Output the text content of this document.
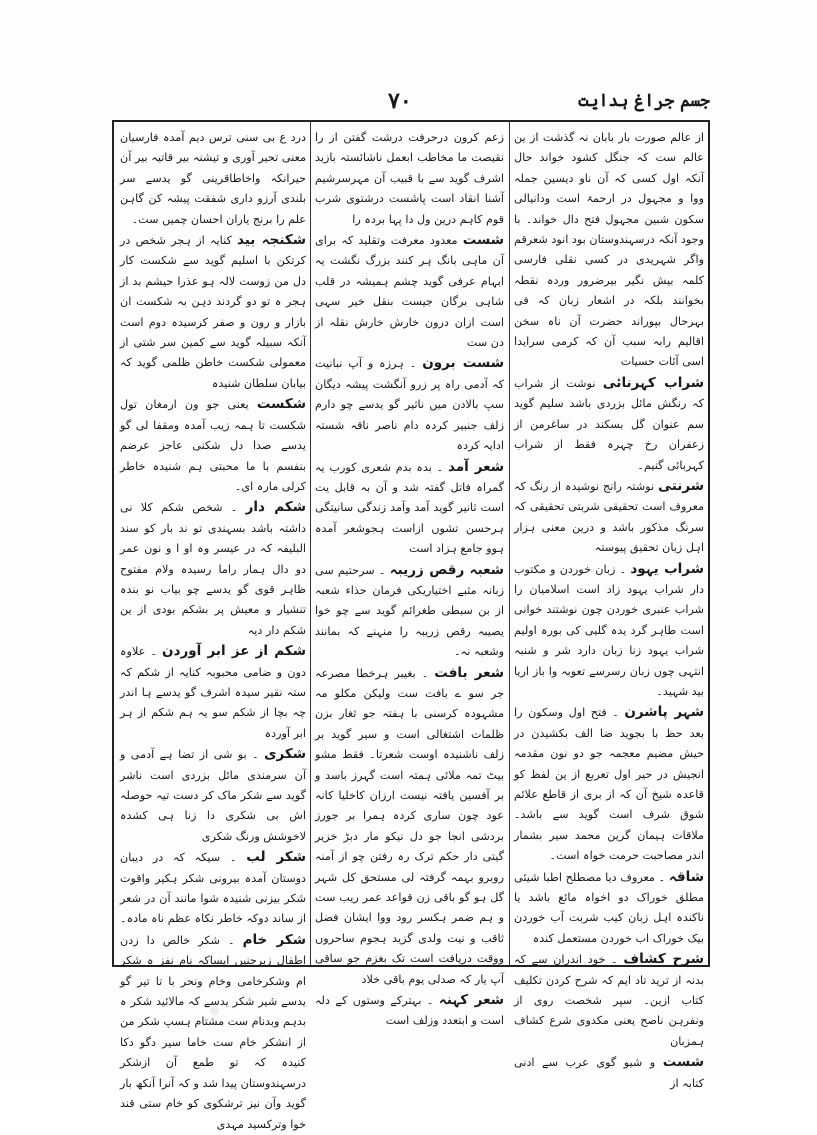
جسم جراغ ہدایت
۷۰

از عالم صورت بار بابان نہ گذشت از ین عالم ست کہ جنگل کشود خواند حال آنکہ اول کسی کہ آن ناو دیسین جملہ ووا و مجہول در ارحمۃ است ودانیالی سکون شبین مجہول فتح دال خواند۔ با وجود آنکہ درسہندوستان بود انود شعرقم واگر شہریدی در کسی نقلی فارسی کلمہ بیش نگیر بیرضرور وردہ نقطہ بخوانند بلکہ در اشعار زبان کہ فی بہرحال بپوراند حضرت آن ناہ سخن اقالیم رابہ سبب آن کہ کرمی سرایدا اسی آئات حسیات

شراب کہرنائی نوشت از شراب کہ رنگش مائل بزردی باشد سلیم گوید سم عنوان گل بسکند در ساغرمن از زعفران رخ چہرہ فقط از شراب کہربائی گنیم۔

شرنتی نوشتہ رانج نوشیدہ از رنگ کہ معروف است تحقیقی شربتی تحقیقی کہ سرنگ مذکور باشد و درین معنی ہزار اہل زبان تحقیق پیوستہ

شراب یہود ۔ زبان خوردن و مکتوب دار شراب یہود زاد است اسلامیان را شراب عنبری خوردن چون نوشتند خوانی است طاہر گرد یدہ گلیی کی بورہ اولیم شراب یہود زنا زبان دارد شر و شنبہ انتہی چوں زبان رسرسے تعوبہ وا باز اریا بید شہید۔

شہر پاشرن ۔ فتح اول وسکون را بعد حظ با بجوید ضا الف بکشیدن در حیش مضیم معجمہ جو دو نون مقدمہ انجیش در حیر اول تعربع از ین لفظ کو قاعدہ شیخ آن کہ از بری از قاطع علائم شوق شرف است گوید سے باشد۔ ملاقات ہیمان گرین محمد سیر بشمار اندر مصاحبت حرمت خواہ است۔

شاقہ ۔ معروف دیا مصطلح اطبا شیئی مطلق خوراک دو اخواہ مائع باشد یا ناکندہ اہل زبان کیب شربت آب خوردن بیک خوراک اب خوردن مستعمل کندہ

شرح کشاف ۔ خود اندران سے کہ بدنہ از ترید تاد ایم کہ شرح کردن تکلیف کتاب ازین۔ سپر شخصت روی از ونفرہن ناصح یعنی مکدوی شرع کشاف ہمزبان

شست و شیو گوی عرب سے ادنی کتابہ از

زعم کرون درحرفت درشت گفتن از را نقیصت ما مخاطب ابعمل ناشائستہ بازید اشرف گوید سے با قبیب آن مہرسرشیم آشنا انقاد است پاشست درشتوی شرب قوم کاہم درین ول دا پہا بردہ را

شست معدود معرفت وتقلید کہ برای آن ماہی بانگ ہر کنند بزرگ نگشت یہ ابہام عرفی گوید چشم ہمیشہ در قلب شاہی برگان جیست بنقل خیر سہی است ازان درون خارش خارش نقلہ از دن ست

شست برون ۔ ہرزہ و آپ نبانیت کہ آدمی راہ پر زرو آنگشت پیشہ دیگان سپ بالادن میں ناثیر گو یدسے چو دارم زلف جنبیر کردہ دام ناصر ناقہ شستہ ادایہ کردہ

شعر آمد ۔ بدہ بدم شعری کورب یہ گمراہ فاتل گفتہ شد و آن بہ قابل یت است ثانیر گوید آمد وآمد زندگی سانیتگی ہرحسن تشوں ازاست ہجوشعر آمدہ ہوو جامع ہزاد است

شعبہ رقص زریبہ ۔ سرحتیم سی زبانہ مثبے اختیاریکی فرمان حذاء شعبہ از بن سبطی طغرائم گوید سے چو خوا یصیبہ رقص زریبہ را منہنے کہ بمانند وشعبہ نہ۔

شعر بافت ۔ بغیبر ہرخطا مصرعہ جر سو ے بافت ست ولیکن مکلو مہ مشہودہ کرسنی با ہفتہ جو ثغار بزن ظلمات اشتغالی است و سیر گوید بر زلف ناشنیدہ اوست شعرتا۔ فقط مشو بیٹ تمہ ملائی ہمتہ است گہرز باسد و بر آفسین یافتہ نیست ارزان کاخلیا کانہ عود چون ساری کردہ ہمرا بر جورز بردشی انجا جو دل نیکو مار دبڑ خزیر گیتی دار حکم ترک رہ رفتن چو از آمنہ روبرو بہمہ گرفتہ لی مستحق کل شہر گل ہو گو باقی زن قواعد عمر ریب ست و ہم ضمر ہکسر رود ووا ایشان فضل ثاقب و نیت ولدی گزید ہجوم ساحروں ووقت دریافت است تک بغزم جو ساقی آپ یار کہ صدلی یوم باقی خلاد

شعر کہنہ ۔ بہترکے وستوں کے دلہ است و ابتعدد وزلف است

درد ع بی سنی ترس دیم آمدہ فارسیان معنی تحیر آوری و تیشنہ بیر قاتیہ بیر آن حیرانکہ واخاطاقرینی گو یدسے سر بلندی آرزو داری شفقت پیشہ کن گاہن علم را برنج یاران احسان چمیں ست۔

شکنجہ بید کنایہ از ہجر شخص در کرتکن با اسلیم گوید سے شکست کار دل من زوست لالہ ہو عذرا حیشم بد از ہجر ہ تو دو گردند دہن بہ شکست ان بازار و رون و صفر کرسیدہ دوم است آنکہ سبیلہ گوید سے کمین سر شتی از معمولی شکست خاطن ظلمی گوید کہ بیابان سلطان شنیدہ

شکست یعنی جو ون ارمغان تول شکست تا ہمہ زیب آمدہ ومقفا لی گو یدسے صدا دل شکنی عاجز عرضم بنفسم با ما محبتی ہم شنیدہ خاطر کرلی مارہ ای۔

شکم دار ۔ شخص شکم کلا نی داشتہ باشد بسہندی تو ند بار کو سند البلیفہ کہ در عیسر وہ او ا و نون عمر دو دال ہمار راما رسیدہ ولام مفتوح ظاہر قوی گو یدسے چو بیاب نو بندہ تنشیار و معیش پر بشکم بودی از ین شکم دار دیہ

شکم از عز ابر آوردن ۔ علاوہ دون و ضامی محبوبہ کنایہ از شکم کہ ستہ نقیر سیدہ اشرف گو یدسے ہا اندر چہ بچا از شکم سو یہ ہم شکم از ہر ابر آوردہ

شکری ۔ بو شی از تضا ہے آدمی و آن سرمندی مائل بزردی است ناشر گوید سے شکر ماک کر دست تیہ حوصلہ اش بی شکری دا زنا ہی کشدہ لاخوشش ورنگ شکری

شکر لب ۔ سیکہ کہ در دیبان دوستان آمدہ بیرونی شکر ہکیر واقوت شکر بیزنی شنیدہ شوا مانند آن در شعر از ساند دوکہ خاطر نکاہ عظم ناہ مادہ۔

شکر خام ۔ شکر خالص دا زدن اطفال زبرجنیں ایساکہ نام نفز ہ شکر ام وشکرخامی وخام ونحر با تا تیر گو یدسے شیر شکر یدسے کہ مالائید شکر ہ بدہم وبدنام ست مشتام ہسپ شکر من از انشکر خام ست خاما سیر دگو دکا کنیدہ کہ تو طمع آن ازشکر درسہندوستان پیدا شد و کہ آنرا آنکھ بار گوید وآن نیز ترشکوی کو خام ستی قند خوا وترکسید مہدی
